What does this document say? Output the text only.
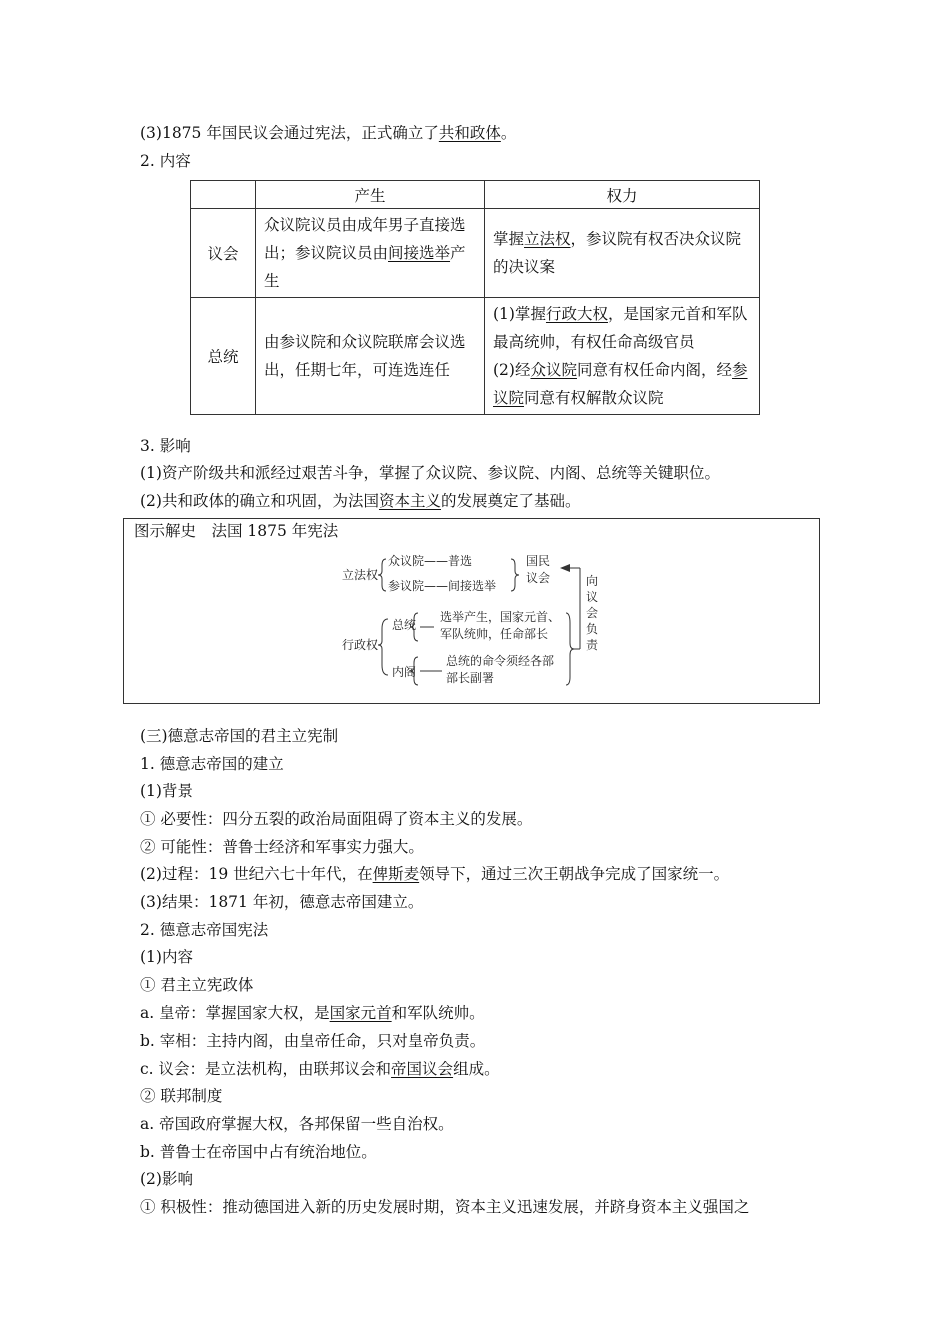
(3)1875 年国民议会通过宪法，正式确立了共和政体。
2. 内容
	产生	权力
议会	众议院议员由成年男子直接选出；参议院议员由间接选举产生	掌握立法权，参议院有权否决众议院的决议案
总统	由参议院和众议院联席会议选出，任期七年，可连选连任	(1)掌握行政大权，是国家元首和军队最高统帅，有权任命高级官员
(2)经众议院同意有权任命内阁，经参议院同意有权解散众议院
3. 影响
(1)资产阶级共和派经过艰苦斗争，掌握了众议院、参议院、内阁、总统等关键职位。
(2)共和政体的确立和巩固，为法国资本主义的发展奠定了基础。
图示解史　法国 1875 年宪法
立法权
众议院——普选
参议院——间接选举
国民
议会
行政权
总统
选举产生，国家元首、
军队统帅，任命部长
内阁
总统的命令须经各部
部长副署
向
议
会
负
责
(三)德意志帝国的君主立宪制
1. 德意志帝国的建立
(1)背景
① 必要性：四分五裂的政治局面阻碍了资本主义的发展。
② 可能性：普鲁士经济和军事实力强大。
(2)过程：19 世纪六七十年代，在俾斯麦领导下，通过三次王朝战争完成了国家统一。
(3)结果：1871 年初，德意志帝国建立。
2. 德意志帝国宪法
(1)内容
① 君主立宪政体
a. 皇帝：掌握国家大权，是国家元首和军队统帅。
b. 宰相：主持内阁，由皇帝任命，只对皇帝负责。
c. 议会：是立法机构，由联邦议会和帝国议会组成。
② 联邦制度
a. 帝国政府掌握大权，各邦保留一些自治权。
b. 普鲁士在帝国中占有统治地位。
(2)影响
① 积极性：推动德国进入新的历史发展时期，资本主义迅速发展，并跻身资本主义强国之
